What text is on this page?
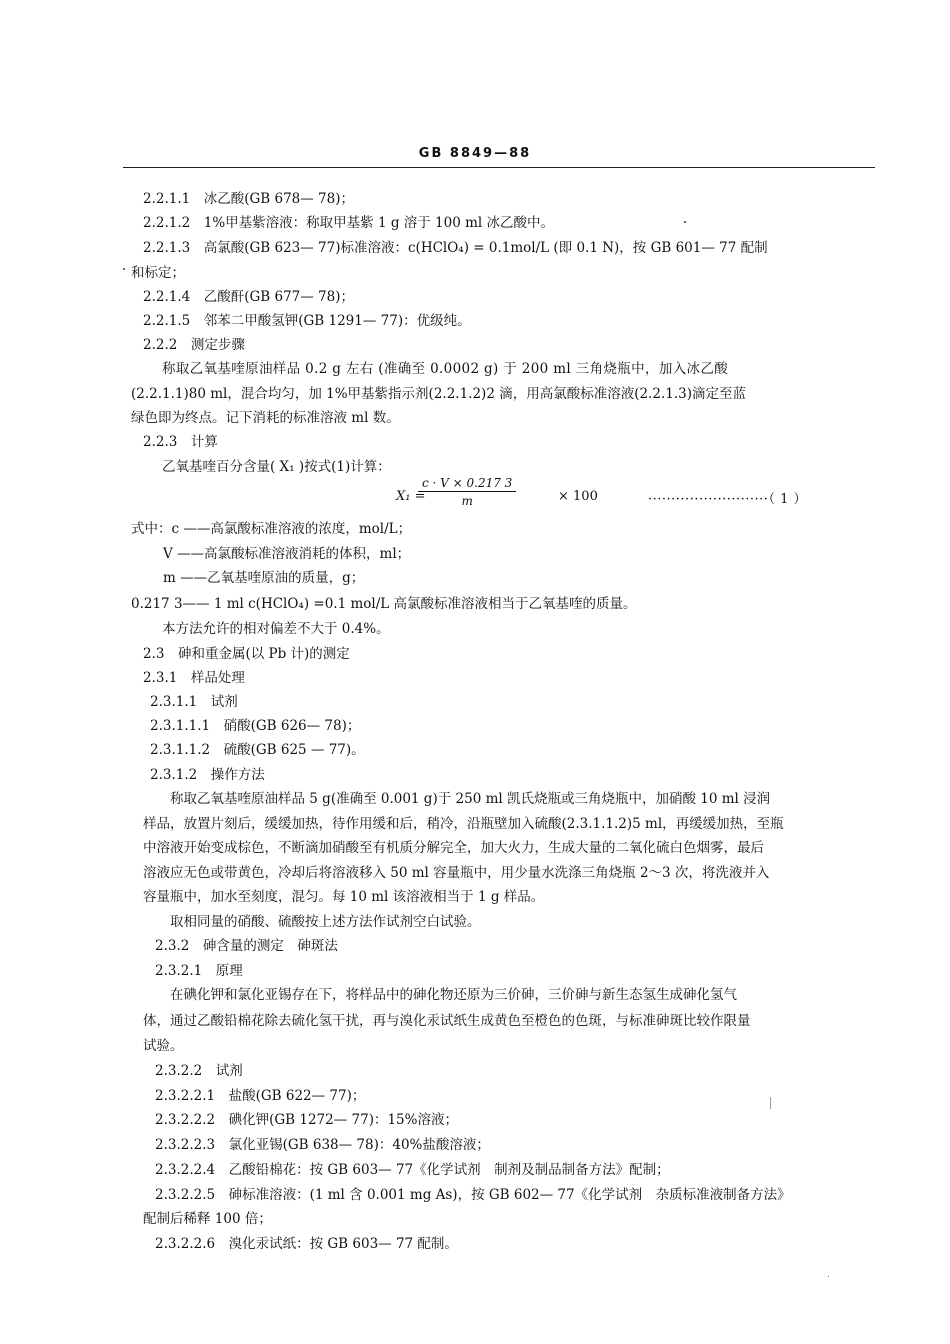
GB 8849—88
2.2.1.1　冰乙酸(GB 678— 78)；
2.2.1.2　1%甲基紫溶液：称取甲基紫 1 g 溶于 100 ml 冰乙酸中。
2.2.1.3　高氯酸(GB 623— 77)标准溶液：c(HClO₄) = 0.1mol/L (即 0.1 N)，按 GB 601— 77 配制
和标定；
2.2.1.4　乙酸酐(GB 677— 78)；
2.2.1.5　邻苯二甲酸氢钾(GB 1291— 77)：优级纯。
2.2.2　测定步骤
称取乙氧基喹原油样品 0.2 g 左右 (准确至 0.0002 g) 于 200 ml 三角烧瓶中，加入冰乙酸
(2.2.1.1)80 ml，混合均匀，加 1%甲基紫指示剂(2.2.1.2)2 滴，用高氯酸标准溶液(2.2.1.3)滴定至蓝
绿色即为终点。记下消耗的标准溶液 ml 数。
2.2.3　计算
乙氧基喹百分含量( X₁ )按式(1)计算：
X₁ =
$\frac{c \cdot V \times 0.217 3}{m}$	× 100	··························（ 1 ）
式中：c ——高氯酸标准溶液的浓度，mol/L；
V ——高氯酸标准溶液消耗的体积，ml；
m ——乙氧基喹原油的质量，g；
0.217 3—— 1 ml c(HClO₄) =0.1 mol/L 高氯酸标准溶液相当于乙氧基喹的质量。
本方法允许的相对偏差不大于 0.4%。
2.3　砷和重金属(以 Pb 计)的测定
2.3.1　样品处理
2.3.1.1　试剂
2.3.1.1.1　硝酸(GB 626— 78)；
2.3.1.1.2　硫酸(GB 625 — 77)。
2.3.1.2　操作方法
称取乙氧基喹原油样品 5 g(准确至 0.001 g)于 250 ml 凯氏烧瓶或三角烧瓶中，加硝酸 10 ml 浸润
样品，放置片刻后，缓缓加热，待作用缓和后，稍冷，沿瓶壁加入硫酸(2.3.1.1.2)5 ml，再缓缓加热，至瓶
中溶液开始变成棕色，不断滴加硝酸至有机质分解完全，加大火力，生成大量的二氧化硫白色烟雾，最后
溶液应无色或带黄色，冷却后将溶液移入 50 ml 容量瓶中，用少量水洗涤三角烧瓶 2～3 次，将洗液并入
容量瓶中，加水至刻度，混匀。每 10 ml 该溶液相当于 1 g 样品。
取相同量的硝酸、硫酸按上述方法作试剂空白试验。
2.3.2　砷含量的测定　砷斑法
2.3.2.1　原理
在碘化钾和氯化亚锡存在下，将样品中的砷化物还原为三价砷，三价砷与新生态氢生成砷化氢气
体，通过乙酸铅棉花除去硫化氢干扰，再与溴化汞试纸生成黄色至橙色的色斑，与标准砷斑比较作限量
试验。
2.3.2.2　试剂
2.3.2.2.1　盐酸(GB 622— 77)；
2.3.2.2.2　碘化钾(GB 1272— 77)：15%溶液；
2.3.2.2.3　氯化亚锡(GB 638— 78)：40%盐酸溶液；
2.3.2.2.4　乙酸铅棉花：按 GB 603— 77《化学试剂　制剂及制品制备方法》配制；
2.3.2.2.5　砷标准溶液：(1 ml 含 0.001 mg As)，按 GB 602— 77《化学试剂　杂质标准液制备方法》
配制后稀释 100 倍；
2.3.2.2.6　溴化汞试纸：按 GB 603— 77 配制。
